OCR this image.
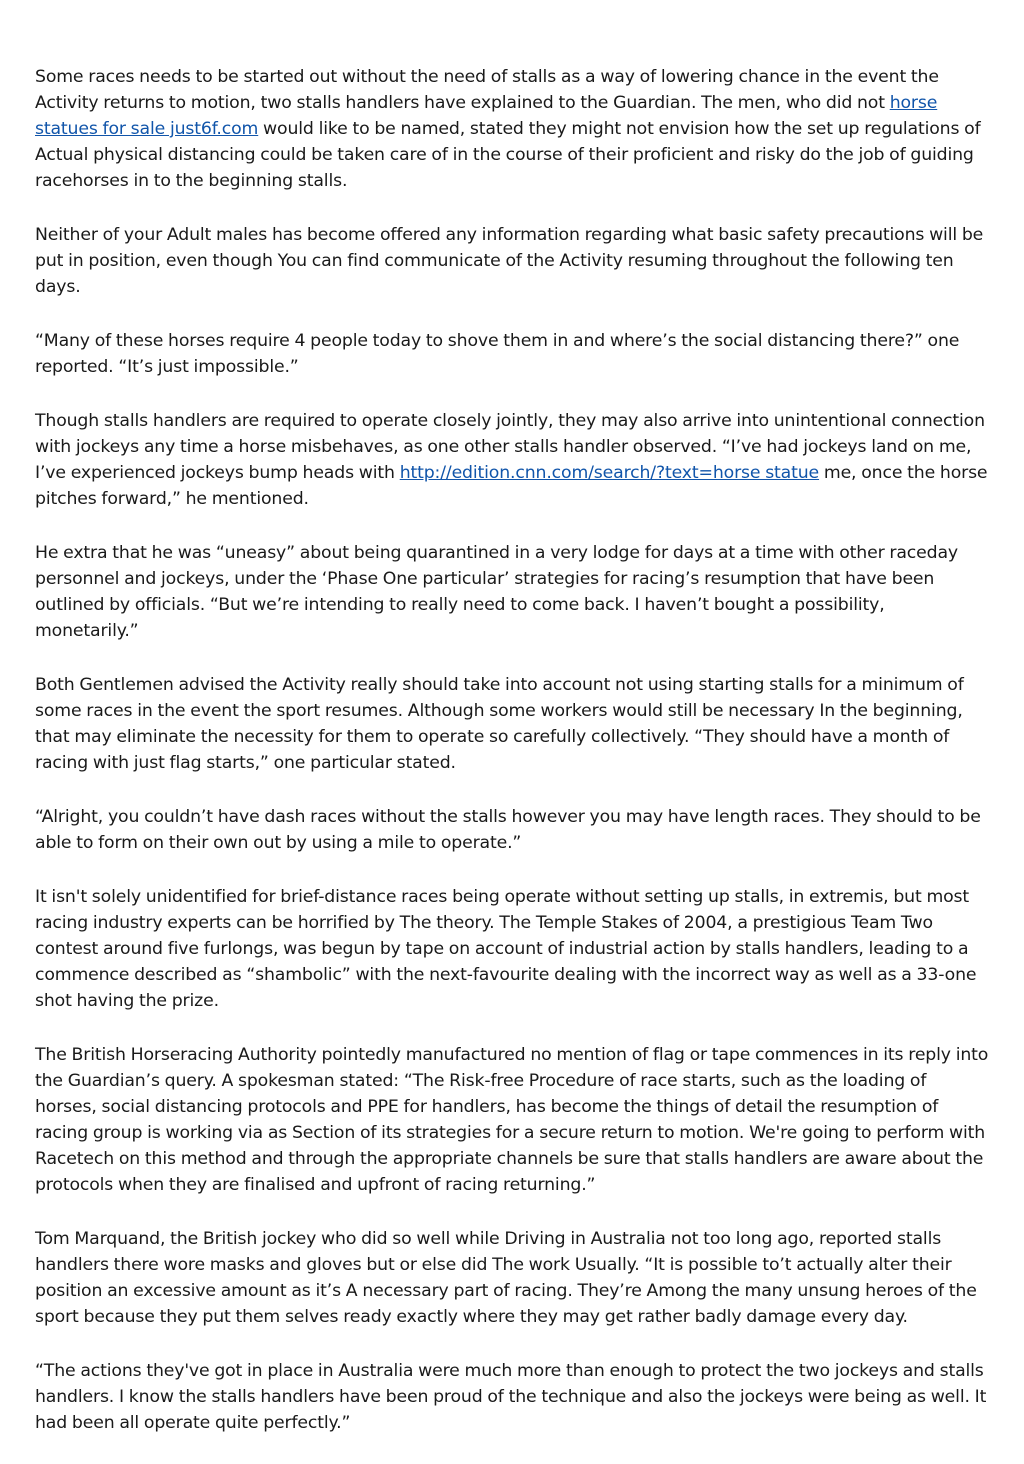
Some races needs to be started out without the need of stalls as a way of lowering chance in the event the Activity returns to motion, two stalls handlers have explained to the Guardian. The men, who did not horse statues for sale just6f.com would like to be named, stated they might not envision how the set up regulations of Actual physical distancing could be taken care of in the course of their proficient and risky do the job of guiding racehorses in to the beginning stalls.

Neither of your Adult males has become offered any information regarding what basic safety precautions will be put in position, even though You can find communicate of the Activity resuming throughout the following ten days.

“Many of these horses require 4 people today to shove them in and where’s the social distancing there?” one reported. “It’s just impossible.”

Though stalls handlers are required to operate closely jointly, they may also arrive into unintentional connection with jockeys any time a horse misbehaves, as one other stalls handler observed. “I’ve had jockeys land on me, I’ve experienced jockeys bump heads with http://edition.cnn.com/search/?text=horse statue me, once the horse pitches forward,” he mentioned.

He extra that he was “uneasy” about being quarantined in a very lodge for days at a time with other raceday personnel and jockeys, under the ‘Phase One particular’ strategies for racing’s resumption that have been outlined by officials. “But we’re intending to really need to come back. I haven’t bought a possibility, monetarily.”

Both Gentlemen advised the Activity really should take into account not using starting stalls for a minimum of some races in the event the sport resumes. Although some workers would still be necessary In the beginning, that may eliminate the necessity for them to operate so carefully collectively. “They should have a month of racing with just flag starts,” one particular stated.

“Alright, you couldn’t have dash races without the stalls however you may have length races. They should to be able to form on their own out by using a mile to operate.”

It isn't solely unidentified for brief-distance races being operate without setting up stalls, in extremis, but most racing industry experts can be horrified by The theory. The Temple Stakes of 2004, a prestigious Team Two contest around five furlongs, was begun by tape on account of industrial action by stalls handlers, leading to a commence described as “shambolic” with the next-favourite dealing with the incorrect way as well as a 33-one shot having the prize.

The British Horseracing Authority pointedly manufactured no mention of flag or tape commences in its reply into the Guardian’s query. A spokesman stated: “The Risk-free Procedure of race starts, such as the loading of horses, social distancing protocols and PPE for handlers, has become the things of detail the resumption of racing group is working via as Section of its strategies for a secure return to motion. We're going to perform with Racetech on this method and through the appropriate channels be sure that stalls handlers are aware about the protocols when they are finalised and upfront of racing returning.”

Tom Marquand, the British jockey who did so well while Driving in Australia not too long ago, reported stalls handlers there wore masks and gloves but or else did The work Usually. “It is possible to’t actually alter their position an excessive amount as it’s A necessary part of racing. They’re Among the many unsung heroes of the sport because they put them selves ready exactly where they may get rather badly damage every day.

“The actions they've got in place in Australia were much more than enough to protect the two jockeys and stalls handlers. I know the stalls handlers have been proud of the technique and also the jockeys were being as well. It had been all operate quite perfectly.”
